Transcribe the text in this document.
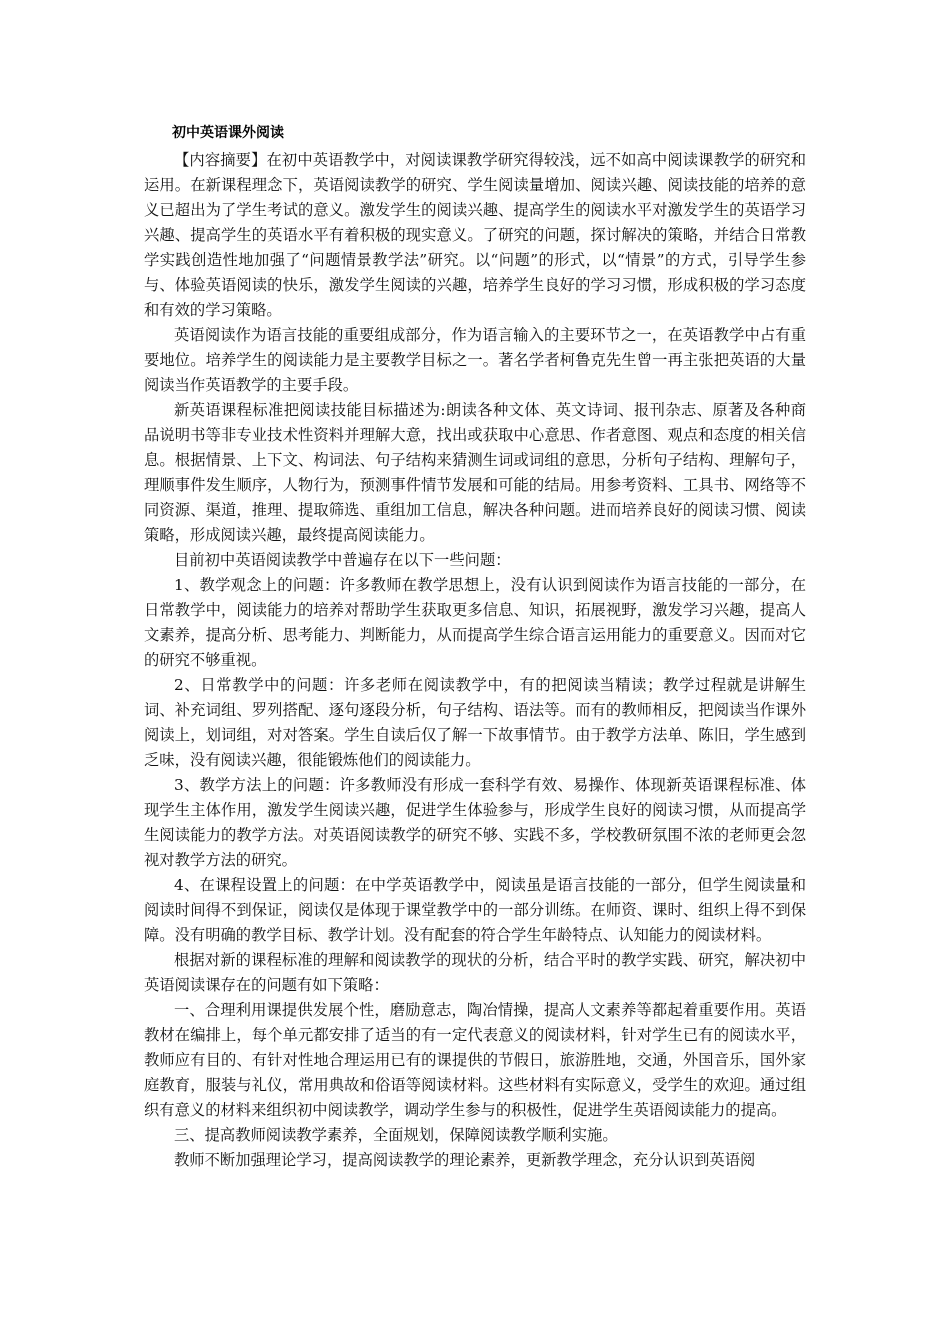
初中英语课外阅读

【内容摘要】在初中英语教学中，对阅读课教学研究得较浅，远不如高中阅读课教学的研究和运用。在新课程理念下，英语阅读教学的研究、学生阅读量增加、阅读兴趣、阅读技能的培养的意义已超出为了学生考试的意义。激发学生的阅读兴趣、提高学生的阅读水平对激发学生的英语学习兴趣、提高学生的英语水平有着积极的现实意义。了研究的问题，探讨解决的策略，并结合日常教学实践创造性地加强了“问题情景教学法”研究。以“问题”的形式，以“情景”的方式，引导学生参与、体验英语阅读的快乐，激发学生阅读的兴趣，培养学生良好的学习习惯，形成积极的学习态度和有效的学习策略。

英语阅读作为语言技能的重要组成部分，作为语言输入的主要环节之一，在英语教学中占有重要地位。培养学生的阅读能力是主要教学目标之一。著名学者柯鲁克先生曾一再主张把英语的大量阅读当作英语教学的主要手段。

新英语课程标准把阅读技能目标描述为:朗读各种文体、英文诗词、报刊杂志、原著及各种商品说明书等非专业技术性资料并理解大意，找出或获取中心意思、作者意图、观点和态度的相关信息。根据情景、上下文、构词法、句子结构来猜测生词或词组的意思，分析句子结构、理解句子，理顺事件发生顺序，人物行为，预测事件情节发展和可能的结局。用参考资料、工具书、网络等不同资源、渠道，推理、提取筛选、重组加工信息，解决各种问题。进而培养良好的阅读习惯、阅读策略，形成阅读兴趣，最终提高阅读能力。

目前初中英语阅读教学中普遍存在以下一些问题：

1、教学观念上的问题：许多教师在教学思想上，没有认识到阅读作为语言技能的一部分，在日常教学中，阅读能力的培养对帮助学生获取更多信息、知识，拓展视野，激发学习兴趣，提高人文素养，提高分析、思考能力、判断能力，从而提高学生综合语言运用能力的重要意义。因而对它的研究不够重视。

2、日常教学中的问题：许多老师在阅读教学中，有的把阅读当精读；教学过程就是讲解生词、补充词组、罗列搭配、逐句逐段分析，句子结构、语法等。而有的教师相反，把阅读当作课外阅读上，划词组，对对答案。学生自读后仅了解一下故事情节。由于教学方法单、陈旧，学生感到乏味，没有阅读兴趣，很能锻炼他们的阅读能力。

3、教学方法上的问题：许多教师没有形成一套科学有效、易操作、体现新英语课程标准、体现学生主体作用，激发学生阅读兴趣，促进学生体验参与，形成学生良好的阅读习惯，从而提高学生阅读能力的教学方法。对英语阅读教学的研究不够、实践不多，学校教研氛围不浓的老师更会忽视对教学方法的研究。

4、在课程设置上的问题：在中学英语教学中，阅读虽是语言技能的一部分，但学生阅读量和阅读时间得不到保证，阅读仅是体现于课堂教学中的一部分训练。在师资、课时、组织上得不到保障。没有明确的教学目标、教学计划。没有配套的符合学生年龄特点、认知能力的阅读材料。

根据对新的课程标准的理解和阅读教学的现状的分析，结合平时的教学实践、研究，解决初中英语阅读课存在的问题有如下策略：

一、合理利用课提供发展个性，磨励意志，陶冶情操，提高人文素养等都起着重要作用。英语教材在编排上，每个单元都安排了适当的有一定代表意义的阅读材料，针对学生已有的阅读水平，教师应有目的、有针对性地合理运用已有的课提供的节假日，旅游胜地，交通，外国音乐，国外家庭教育，服装与礼仪，常用典故和俗语等阅读材料。这些材料有实际意义，受学生的欢迎。通过组织有意义的材料来组织初中阅读教学，调动学生参与的积极性，促进学生英语阅读能力的提高。

三、提高教师阅读教学素养，全面规划，保障阅读教学顺利实施。

教师不断加强理论学习，提高阅读教学的理论素养，更新教学理念，充分认识到英语阅
